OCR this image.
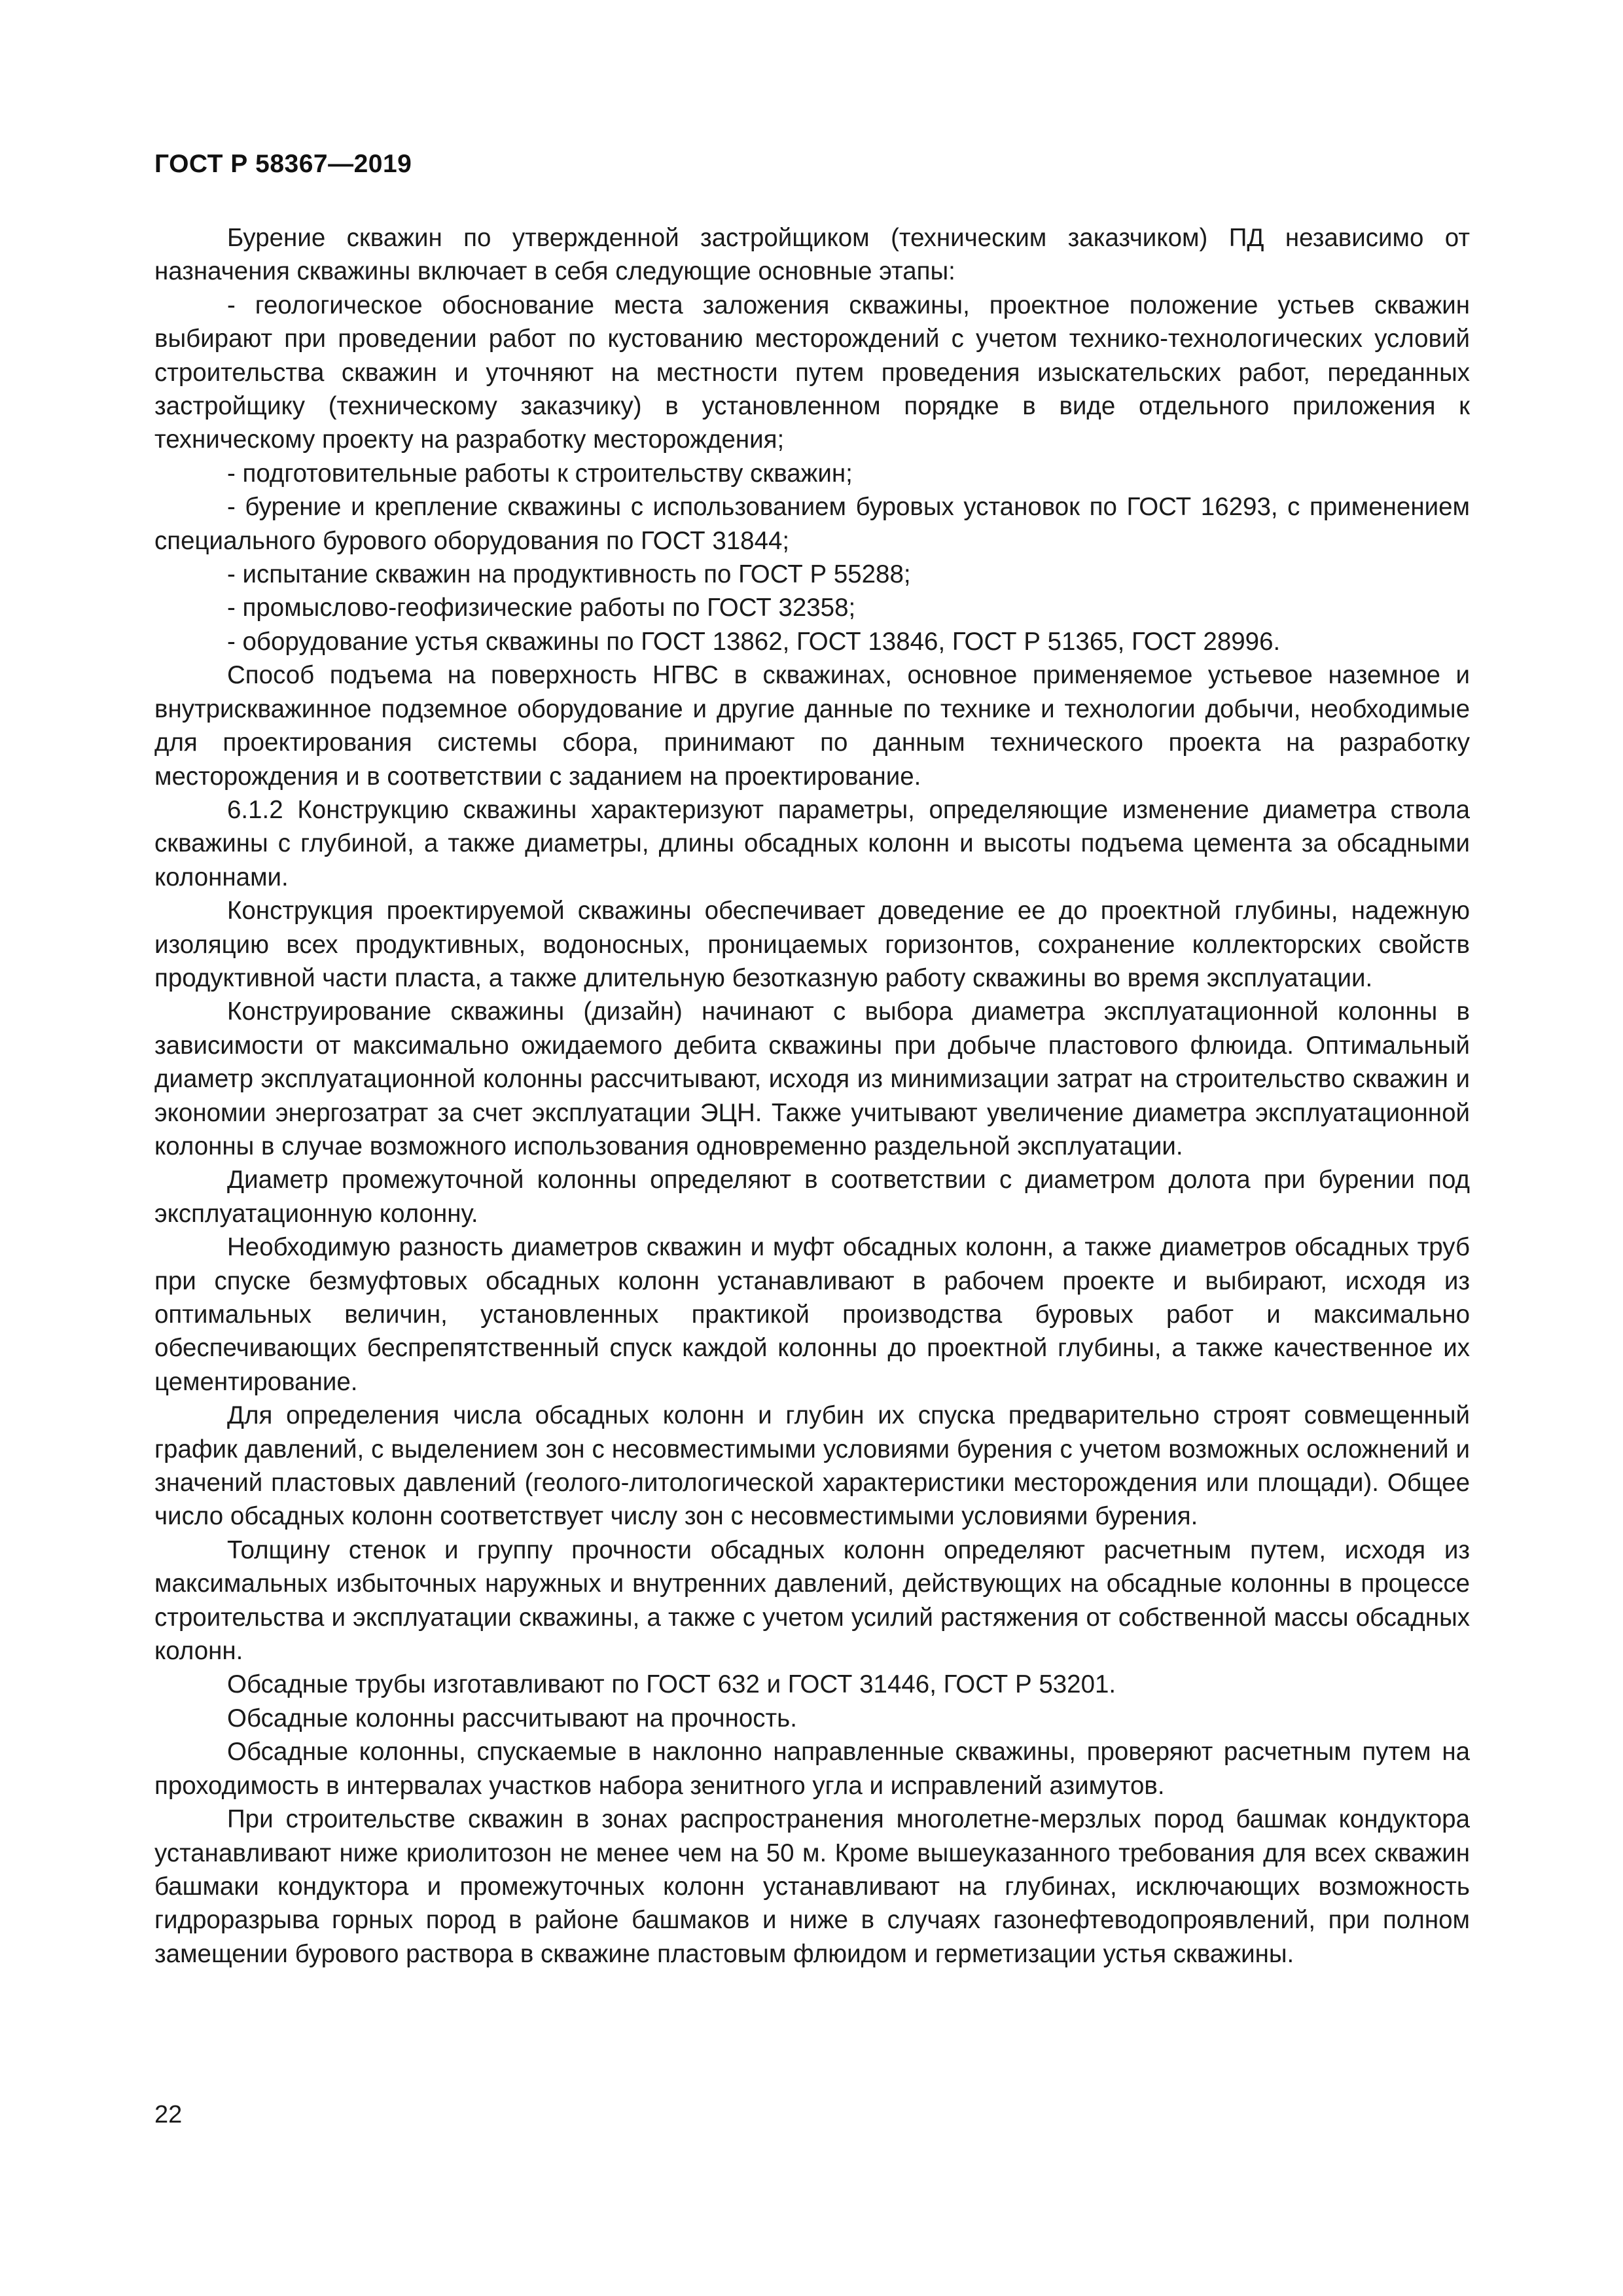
ГОСТ Р 58367—2019

Бурение скважин по утвержденной застройщиком (техническим заказчиком) ПД независимо от назначения скважины включает в себя следующие основные этапы:

- геологическое обоснование места заложения скважины, проектное положение устьев скважин выбирают при проведении работ по кустованию месторождений с учетом технико-технологических условий строительства скважин и уточняют на местности путем проведения изыскательских работ, переданных застройщику (техническому заказчику) в установленном порядке в виде отдельного приложения к техническому проекту на разработку месторождения;

- подготовительные работы к строительству скважин;

- бурение и крепление скважины с использованием буровых установок по ГОСТ 16293, с применением специального бурового оборудования по ГОСТ 31844;

- испытание скважин на продуктивность по ГОСТ Р 55288;

- промыслово-геофизические работы по ГОСТ 32358;

- оборудование устья скважины по ГОСТ 13862, ГОСТ 13846, ГОСТ Р 51365, ГОСТ 28996.

Способ подъема на поверхность НГВС в скважинах, основное применяемое устьевое наземное и внутрискважинное подземное оборудование и другие данные по технике и технологии добычи, необходимые для проектирования системы сбора, принимают по данным технического проекта на разработку месторождения и в соответствии с заданием на проектирование.

6.1.2 Конструкцию скважины характеризуют параметры, определяющие изменение диаметра ствола скважины с глубиной, а также диаметры, длины обсадных колонн и высоты подъема цемента за обсадными колоннами.

Конструкция проектируемой скважины обеспечивает доведение ее до проектной глубины, надежную изоляцию всех продуктивных, водоносных, проницаемых горизонтов, сохранение коллекторских свойств продуктивной части пласта, а также длительную безотказную работу скважины во время эксплуатации.

Конструирование скважины (дизайн) начинают с выбора диаметра эксплуатационной колонны в зависимости от максимально ожидаемого дебита скважины при добыче пластового флюида. Оптимальный диаметр эксплуатационной колонны рассчитывают, исходя из минимизации затрат на строительство скважин и экономии энергозатрат за счет эксплуатации ЭЦН. Также учитывают увеличение диаметра эксплуатационной колонны в случае возможного использования одновременно раздельной эксплуатации.

Диаметр промежуточной колонны определяют в соответствии с диаметром долота при бурении под эксплуатационную колонну.

Необходимую разность диаметров скважин и муфт обсадных колонн, а также диаметров обсадных труб при спуске безмуфтовых обсадных колонн устанавливают в рабочем проекте и выбирают, исходя из оптимальных величин, установленных практикой производства буровых работ и максимально обеспечивающих беспрепятственный спуск каждой колонны до проектной глубины, а также качественное их цементирование.

Для определения числа обсадных колонн и глубин их спуска предварительно строят совмещенный график давлений, с выделением зон с несовместимыми условиями бурения с учетом возможных осложнений и значений пластовых давлений (геолого-литологической характеристики месторождения или площади). Общее число обсадных колонн соответствует числу зон с несовместимыми условиями бурения.

Толщину стенок и группу прочности обсадных колонн определяют расчетным путем, исходя из максимальных избыточных наружных и внутренних давлений, действующих на обсадные колонны в процессе строительства и эксплуатации скважины, а также с учетом усилий растяжения от собственной массы обсадных колонн.

Обсадные трубы изготавливают по ГОСТ 632 и ГОСТ 31446, ГОСТ Р 53201.

Обсадные колонны рассчитывают на прочность.

Обсадные колонны, спускаемые в наклонно направленные скважины, проверяют расчетным путем на проходимость в интервалах участков набора зенитного угла и исправлений азимутов.

При строительстве скважин в зонах распространения многолетне-мерзлых пород башмак кондуктора устанавливают ниже криолитозон не менее чем на 50 м. Кроме вышеуказанного требования для всех скважин башмаки кондуктора и промежуточных колонн устанавливают на глубинах, исключающих возможность гидроразрыва горных пород в районе башмаков и ниже в случаях газонефтеводопроявлений, при полном замещении бурового раствора в скважине пластовым флюидом и герметизации устья скважины.

22
